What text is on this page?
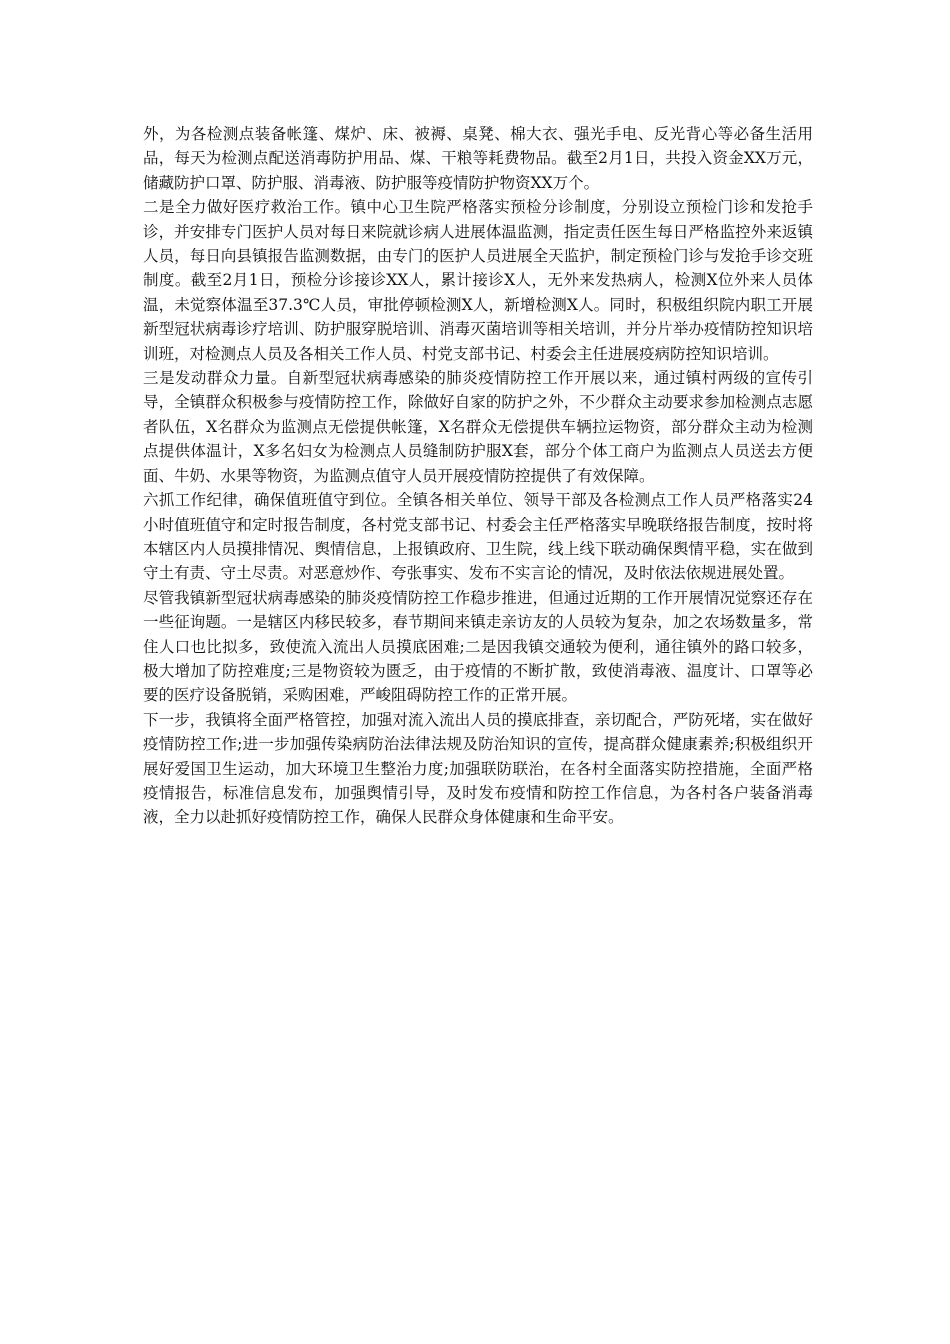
外，为各检测点装备帐篷、煤炉、床、被褥、桌凳、棉大衣、强光手电、反光背心等必备生活用品，每天为检测点配送消毒防护用品、煤、干粮等耗费物品。截至2月1日，共投入资金XX万元，储藏防护口罩、防护服、消毒液、防护服等疫情防护物资XX万个。

二是全力做好医疗救治工作。镇中心卫生院严格落实预检分诊制度，分别设立预检门诊和发抢手诊，并安排专门医护人员对每日来院就诊病人进展体温监测，指定责任医生每日严格监控外来返镇人员，每日向县镇报告监测数据，由专门的医护人员进展全天监护，制定预检门诊与发抢手诊交班制度。截至2月1日，预检分诊接诊XX人，累计接诊X人，无外来发热病人，检测X位外来人员体温，未觉察体温至37.3℃人员，审批停顿检测X人，新增检测X人。同时，积极组织院内职工开展新型冠状病毒诊疗培训、防护服穿脱培训、消毒灭菌培训等相关培训，并分片举办疫情防控知识培训班，对检测点人员及各相关工作人员、村党支部书记、村委会主任进展疫病防控知识培训。

三是发动群众力量。自新型冠状病毒感染的肺炎疫情防控工作开展以来，通过镇村两级的宣传引导，全镇群众积极参与疫情防控工作，除做好自家的防护之外，不少群众主动要求参加检测点志愿者队伍，X名群众为监测点无偿提供帐篷，X名群众无偿提供车辆拉运物资，部分群众主动为检测点提供体温计，X多名妇女为检测点人员缝制防护服X套，部分个体工商户为监测点人员送去方便面、牛奶、水果等物资，为监测点值守人员开展疫情防控提供了有效保障。

六抓工作纪律，确保值班值守到位。全镇各相关单位、领导干部及各检测点工作人员严格落实24小时值班值守和定时报告制度，各村党支部书记、村委会主任严格落实早晚联络报告制度，按时将本辖区内人员摸排情况、舆情信息，上报镇政府、卫生院，线上线下联动确保舆情平稳，实在做到守土有责、守土尽责。对恶意炒作、夸张事实、发布不实言论的情况，及时依法依规进展处置。

尽管我镇新型冠状病毒感染的肺炎疫情防控工作稳步推进，但通过近期的工作开展情况觉察还存在一些征询题。一是辖区内移民较多，春节期间来镇走亲访友的人员较为复杂，加之农场数量多，常住人口也比拟多，致使流入流出人员摸底困难;二是因我镇交通较为便利，通往镇外的路口较多，极大增加了防控难度;三是物资较为匮乏，由于疫情的不断扩散，致使消毒液、温度计、口罩等必要的医疗设备脱销，采购困难，严峻阻碍防控工作的正常开展。

下一步，我镇将全面严格管控，加强对流入流出人员的摸底排查，亲切配合，严防死堵，实在做好疫情防控工作;进一步加强传染病防治法律法规及防治知识的宣传，提高群众健康素养;积极组织开展好爱国卫生运动，加大环境卫生整治力度;加强联防联治，在各村全面落实防控措施，全面严格疫情报告，标准信息发布，加强舆情引导，及时发布疫情和防控工作信息，为各村各户装备消毒液，全力以赴抓好疫情防控工作，确保人民群众身体健康和生命平安。
